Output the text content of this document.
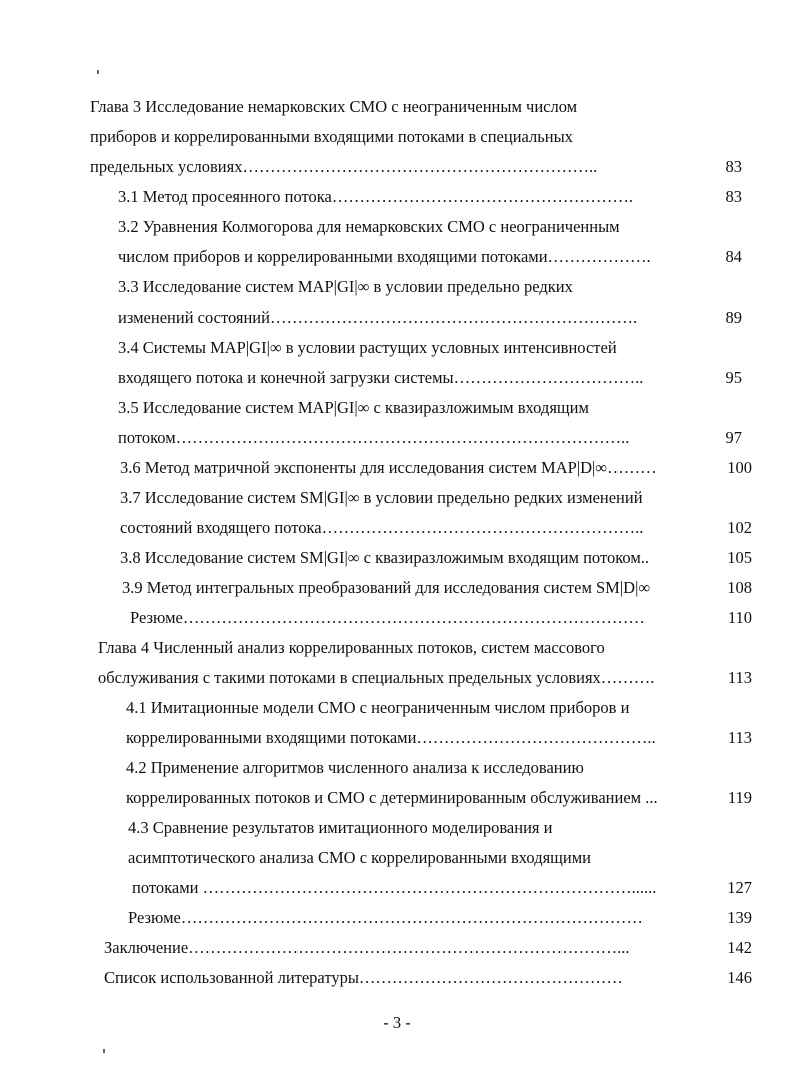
Глава 3 Исследование немарковских СМО с неограниченным числом
приборов и коррелированными входящими потоками в специальных
предельных условиях………………………………………………………..	83
3.1 Метод просеянного потока……………………………………………….	83
3.2 Уравнения Колмогорова для немарковских СМО с неограниченным
числом приборов и коррелированными входящими потоками……………….	84
3.3 Исследование систем MAP|GI|∞ в условии предельно редких
изменений состояний………………………………………………………….	89
3.4 Системы MAP|GI|∞ в условии растущих условных интенсивностей
входящего потока и конечной загрузки системы……………………………..	95
3.5 Исследование систем MAP|GI|∞ с квазиразложимым входящим
потоком………………………………………………………………………..	97
3.6 Метод матричной экспоненты для исследования систем MAP|D|∞………	100
3.7 Исследование систем SM|GI|∞ в условии предельно редких изменений
состояний входящего потока…………………………………………………..	102
3.8 Исследование систем SM|GI|∞ с квазиразложимым входящим потоком..	105
3.9 Метод интегральных преобразований для исследования систем SM|D|∞	108
Резюме…………………………………………………………………………	110
Глава 4 Численный анализ коррелированных потоков, систем массового
обслуживания с такими потоками в специальных предельных условиях……….	113
4.1 Имитационные модели СМО с неограниченным числом приборов и
коррелированными входящими потоками……………………………………..	113
4.2 Применение алгоритмов численного анализа к исследованию
коррелированных потоков и СМО с детерминированным обслуживанием ...	119
4.3 Сравнение результатов имитационного моделирования и
асимптотического анализа СМО с коррелированными входящими
потоками ……………………………………………………………………......	127
Резюме…………………………………………………………………………	139
Заключение……………………………………………………………………...	142
Список использованной литературы…………………………………………	146
- 3 -
